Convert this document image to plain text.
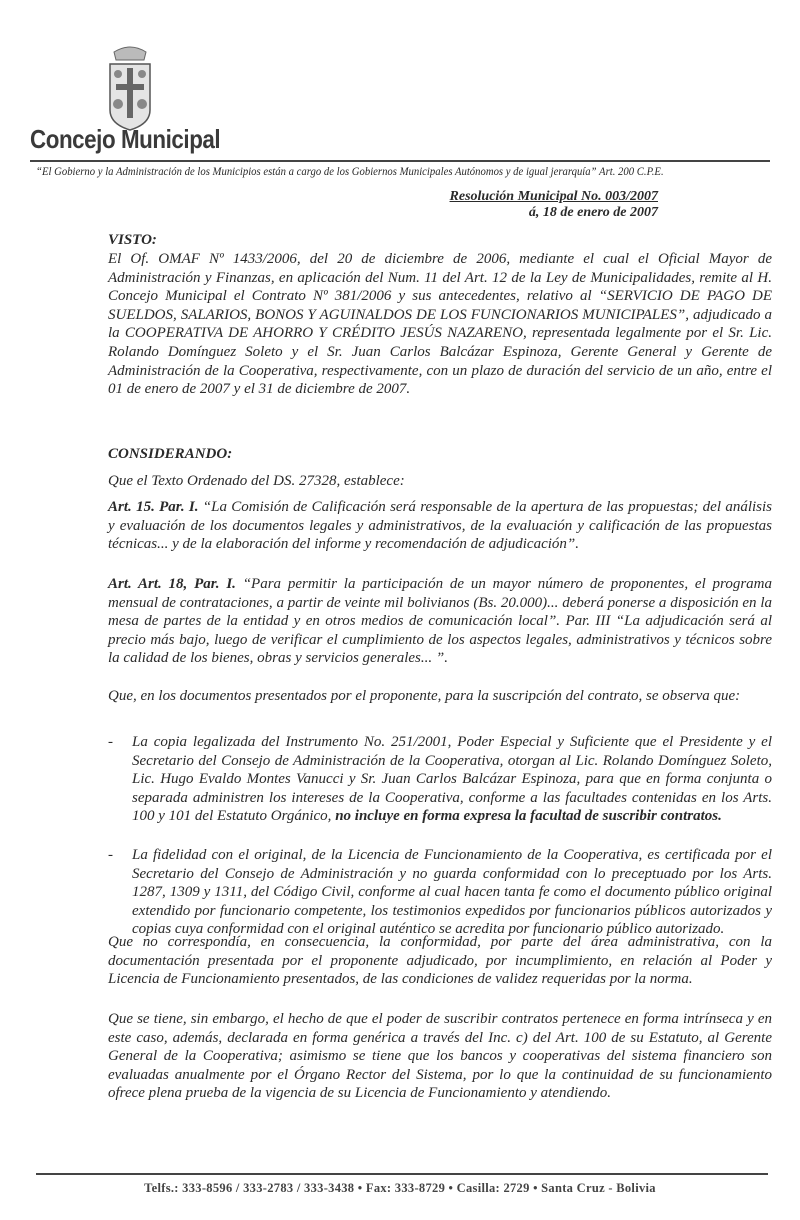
Concejo Municipal
“El Gobierno y la Administración de los Municipios están a cargo de los Gobiernos Municipales Autónomos y de igual jerarquía” Art. 200 C.P.E.
Resolución Municipal No. 003/2007
á, 18 de enero de 2007
VISTO:
El Of. OMAF Nº 1433/2006, del 20 de diciembre de 2006, mediante el cual el Oficial Mayor de Administración y Finanzas, en aplicación del Num. 11 del Art. 12 de la Ley de Municipalidades, remite al H. Concejo Municipal el Contrato Nº 381/2006 y sus antecedentes, relativo al “SERVICIO DE PAGO DE SUELDOS, SALARIOS, BONOS Y AGUINALDOS DE LOS FUNCIONARIOS MUNICIPALES”, adjudicado a la COOPERATIVA DE AHORRO Y CRÉDITO JESÚS NAZARENO, representada legalmente por el Sr. Lic. Rolando Domínguez Soleto y el Sr. Juan Carlos Balcázar Espinoza, Gerente General y Gerente de Administración de la Cooperativa, respectivamente, con un plazo de duración del servicio de un año, entre el 01 de enero de 2007 y el 31 de diciembre de 2007.
CONSIDERANDO:
Que el Texto Ordenado del DS. 27328, establece:
Art. 15. Par. I. “La Comisión de Calificación será responsable de la apertura de las propuestas; del análisis y evaluación de los documentos legales y administrativos, de la evaluación y calificación de las propuestas técnicas... y de la elaboración del informe y recomendación de adjudicación”.
Art. Art. 18, Par. I. “Para permitir la participación de un mayor número de proponentes, el programa mensual de contrataciones, a partir de veinte mil bolivianos (Bs. 20.000)... deberá ponerse a disposición en la mesa de partes de la entidad y en otros medios de comunicación local”. Par. III “La adjudicación será al precio más bajo, luego de verificar el cumplimiento de los aspectos legales, administrativos y técnicos sobre la calidad de los bienes, obras y servicios generales... ”.
Que, en los documentos presentados por el proponente, para la suscripción del contrato, se observa que:
- La copia legalizada del Instrumento No. 251/2001, Poder Especial y Suficiente que el Presidente y el Secretario del Consejo de Administración de la Cooperativa, otorgan al Lic. Rolando Domínguez Soleto, Lic. Hugo Evaldo Montes Vanucci y Sr. Juan Carlos Balcázar Espinoza, para que en forma conjunta o separada administren los intereses de la Cooperativa, conforme a las facultades contenidas en los Arts. 100 y 101 del Estatuto Orgánico, no incluye en forma expresa la facultad de suscribir contratos.
- La fidelidad con el original, de la Licencia de Funcionamiento de la Cooperativa, es certificada por el Secretario del Consejo de Administración y no guarda conformidad con lo preceptuado por los Arts. 1287, 1309 y 1311, del Código Civil, conforme al cual hacen tanta fe como el documento público original extendido por funcionario competente, los testimonios expedidos por funcionarios públicos autorizados y copias cuya conformidad con el original auténtico se acredita por funcionario público autorizado.
Que no correspondía, en consecuencia, la conformidad, por parte del área administrativa, con la documentación presentada por el proponente adjudicado, por incumplimiento, en relación al Poder y Licencia de Funcionamiento presentados, de las condiciones de validez requeridas por la norma.
Que se tiene, sin embargo, el hecho de que el poder de suscribir contratos pertenece en forma intrínseca y en este caso, además, declarada en forma genérica a través del Inc. c) del Art. 100 de su Estatuto, al Gerente General de la Cooperativa; asimismo se tiene que los bancos y cooperativas del sistema financiero son evaluadas anualmente por el Órgano Rector del Sistema, por lo que la continuidad de su funcionamiento ofrece plena prueba de la vigencia de su Licencia de Funcionamiento y atendiendo.
Telfs.: 333-8596 / 333-2783 / 333-3438 • Fax: 333-8729 • Casilla: 2729 • Santa Cruz - Bolivia
